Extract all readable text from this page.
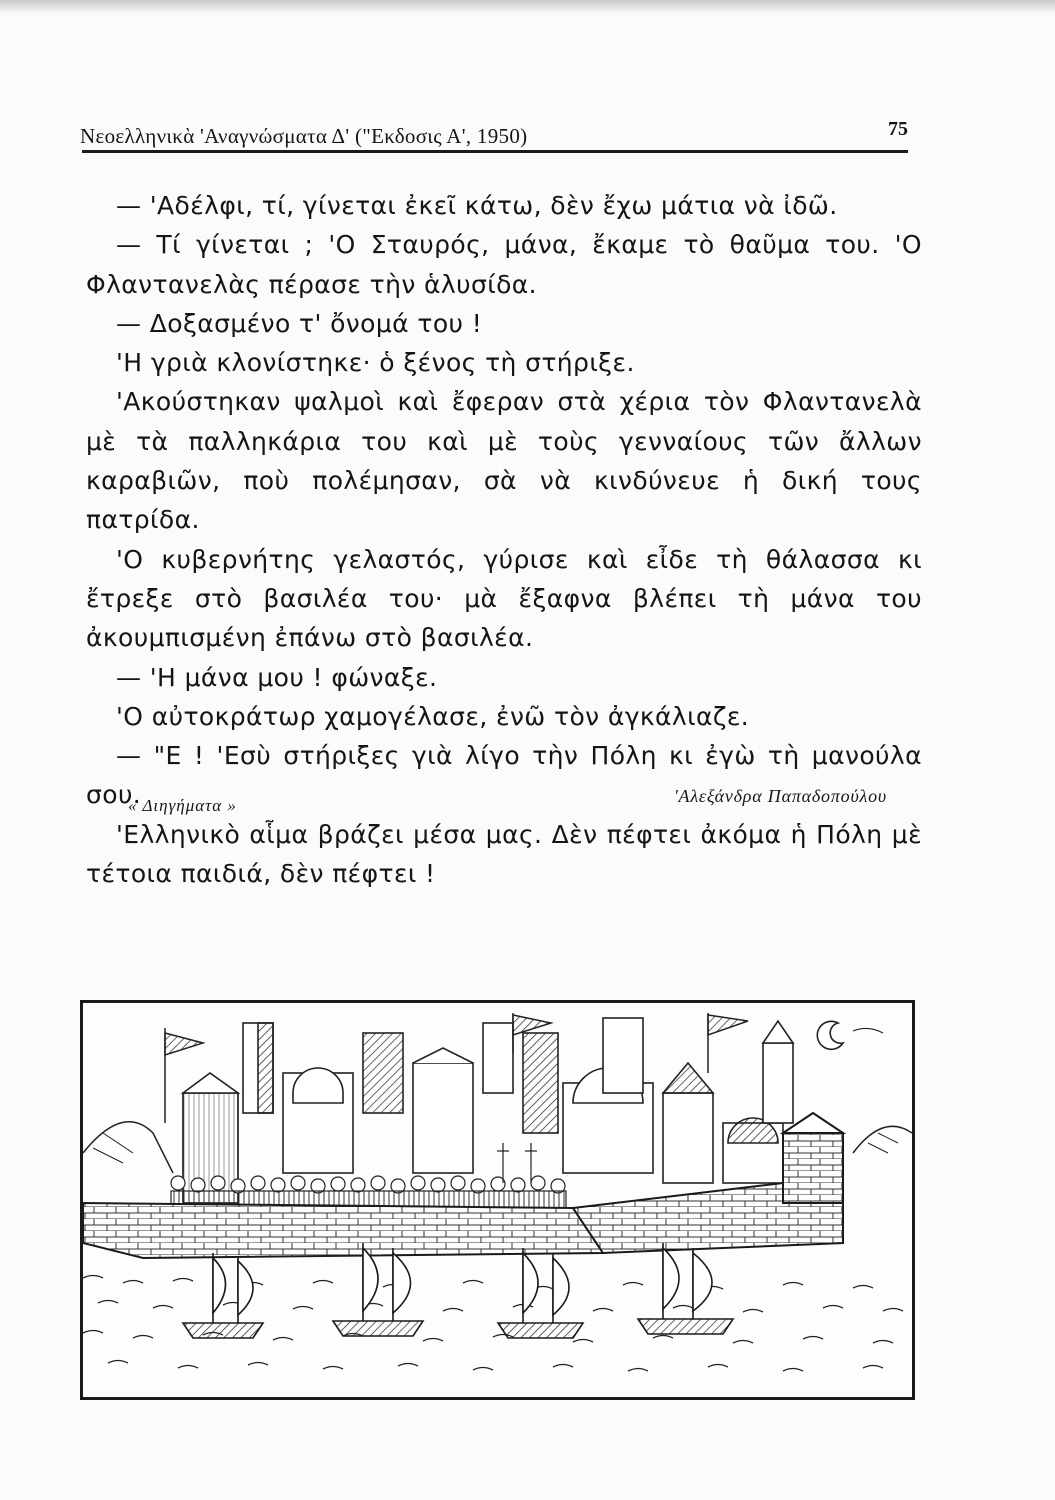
Νεοελληνικὰ 'Αναγνώσματα Δ' ("Εκδοσις Α', 1950)	75

— 'Αδέλφι, τί, γίνεται ἐκεῖ κάτω, δὲν ἔχω μάτια νὰ ἰδῶ.

— Τί γίνεται ; 'Ο Σταυρός, μάνα, ἔκαμε τὸ θαῦμα του. 'Ο Φλαντανελὰς πέρασε τὴν ἁλυσίδα.

— Δοξασμένο τ' ὄνομά του !

'Η γριὰ κλονίστηκε· ὁ ξένος τὴ στήριξε.

'Ακούστηκαν ψαλμοὶ καὶ ἔφεραν στὰ χέρια τὸν Φλαντανελὰ μὲ τὰ παλληκάρια του καὶ μὲ τοὺς γενναίους τῶν ἄλλων καραβιῶν, ποὺ πολέμησαν, σὰ νὰ κινδύνευε ἡ δική τους πατρίδα.

'Ο κυβερνήτης γελαστός, γύρισε καὶ εἶδε τὴ θάλασσα κι ἔτρεξε στὸ βασιλέα του· μὰ ἔξαφνα βλέπει τὴ μάνα του ἀκουμπισμένη ἐπάνω στὸ βασιλέα.

— 'Η μάνα μου ! φώναξε.

'Ο αὐτοκράτωρ χαμογέλασε, ἐνῶ τὸν ἀγκάλιαζε.

— "Ε ! 'Εσὺ στήριξες γιὰ λίγο τὴν Πόλη κι ἐγὼ τὴ μανούλα σου.

'Ελληνικὸ αἷμα βράζει μέσα μας. Δὲν πέφτει ἀκόμα ἡ Πόλη μὲ τέτοια παιδιά, δὲν πέφτει !

« Διηγήματα »	'Αλεξάνδρα Παπαδοπούλου
